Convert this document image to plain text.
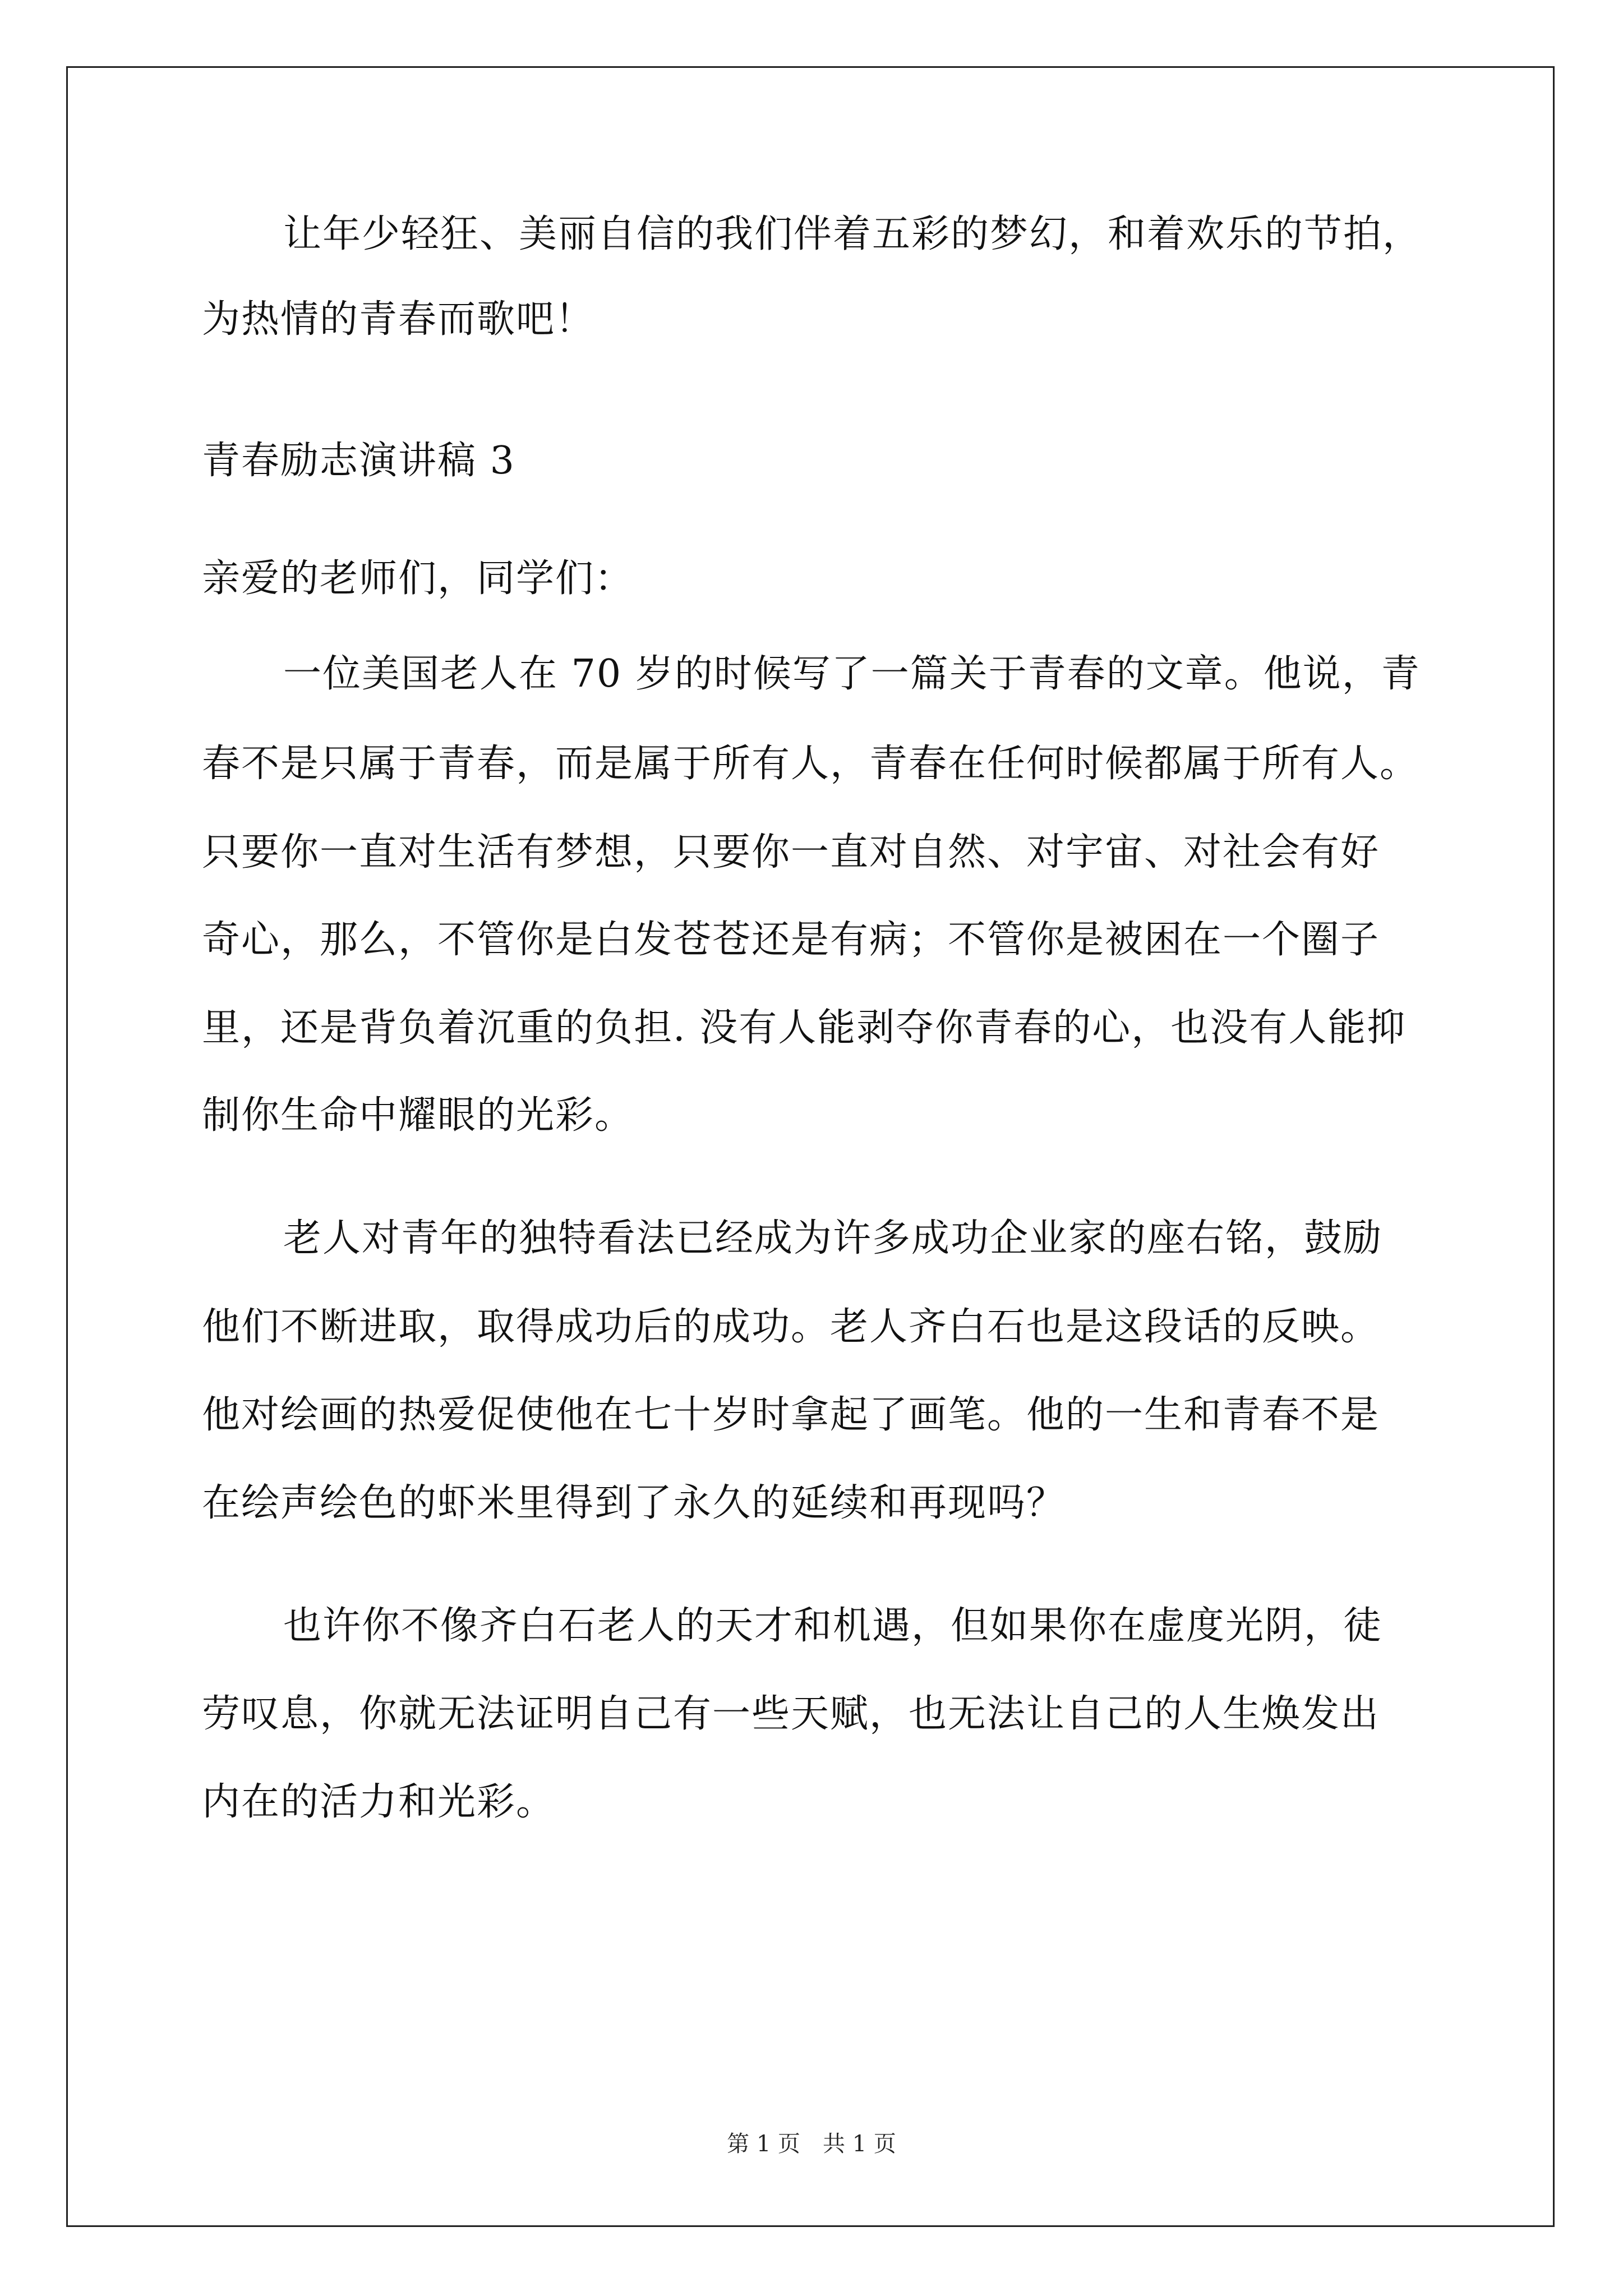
让年少轻狂、美丽自信的我们伴着五彩的梦幻，和着欢乐的节拍，

为热情的青春而歌吧！

青春励志演讲稿 3

亲爱的老师们，同学们：

一位美国老人在 70 岁的时候写了一篇关于青春的文章。他说，青

春不是只属于青春，而是属于所有人，青春在任何时候都属于所有人。

只要你一直对生活有梦想，只要你一直对自然、对宇宙、对社会有好

奇心，那么，不管你是白发苍苍还是有病；不管你是被困在一个圈子

里，还是背负着沉重的负担. 没有人能剥夺你青春的心，也没有人能抑

制你生命中耀眼的光彩。

老人对青年的独特看法已经成为许多成功企业家的座右铭，鼓励

他们不断进取，取得成功后的成功。老人齐白石也是这段话的反映。

他对绘画的热爱促使他在七十岁时拿起了画笔。他的一生和青春不是

在绘声绘色的虾米里得到了永久的延续和再现吗？

也许你不像齐白石老人的天才和机遇，但如果你在虚度光阴，徒

劳叹息，你就无法证明自己有一些天赋，也无法让自己的人生焕发出

内在的活力和光彩。

第 1 页 共 1 页
